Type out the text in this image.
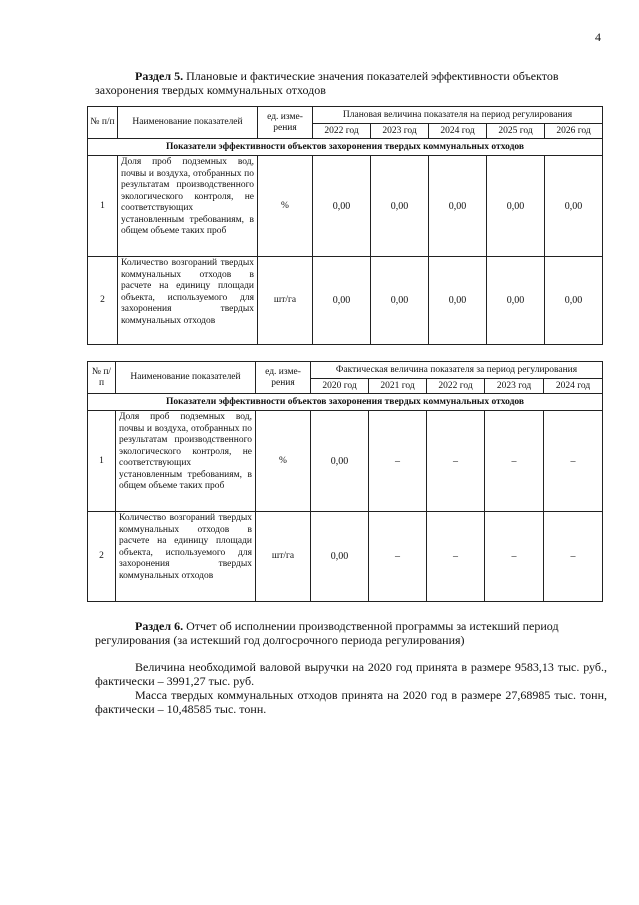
4
Раздел 5. Плановые и фактические значения показателей эффективности объектов
захоронения твердых коммунальных отходов
№ п/п	Наименование показателей	ед. изме- рения	Плановая величина показателя на период регулирования				
			2022 год	2023 год	2024 год	2025 год	2026 год
Показатели эффективности объектов захоронения твердых коммунальных отходов							
1	Доля проб подземных вод, почвы и воздуха, отобранных по результатам производственного экологического контроля, не соответствующих установленным требованиям, в общем объеме таких проб	%	0,00	0,00	0,00	0,00	0,00
2	Количество возгораний твердых коммунальных отходов в расчете на единицу площади объекта, используемого для захоронения твердых коммунальных отходов	шт/га	0,00	0,00	0,00	0,00	0,00
№ п/п	Наименование показателей	ед. изме- рения	Фактическая величина показателя за период регулирования				
			2020 год	2021 год	2022 год	2023 год	2024 год
Показатели эффективности объектов захоронения твердых коммунальных отходов							
1	Доля проб подземных вод, почвы и воздуха, отобранных по результатам производственного экологического контроля, не соответствующих установленным требованиям, в общем объеме таких проб	%	0,00	–	–	–	–
2	Количество возгораний твердых коммунальных отходов в расчете на единицу площади объекта, используемого для захоронения твердых коммунальных отходов	шт/га	0,00	–	–	–	–
Раздел 6. Отчет об исполнении производственной программы за истекший период
регулирования (за истекший год долгосрочного периода регулирования)
Величина необходимой валовой выручки на 2020 год принята в размере 9583,13 тыс. руб., фактически – 3991,27 тыс. руб.
Масса твердых коммунальных отходов принята на 2020 год в размере 27,68985 тыс. тонн, фактически – 10,48585 тыс. тонн.
